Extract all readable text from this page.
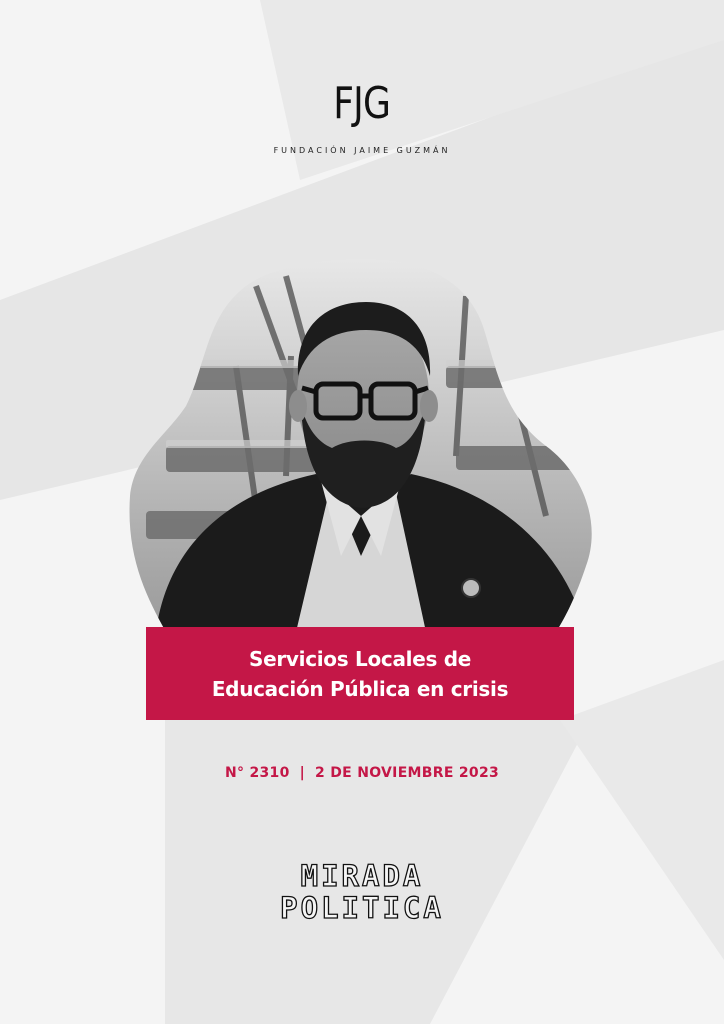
FJG
FUNDACIÓN JAIME GUZMÁN
Servicios Locales de
Educación Pública en crisis
N° 2310 | 2 DE NOVIEMBRE 2023
MIRADA
POLITICA
